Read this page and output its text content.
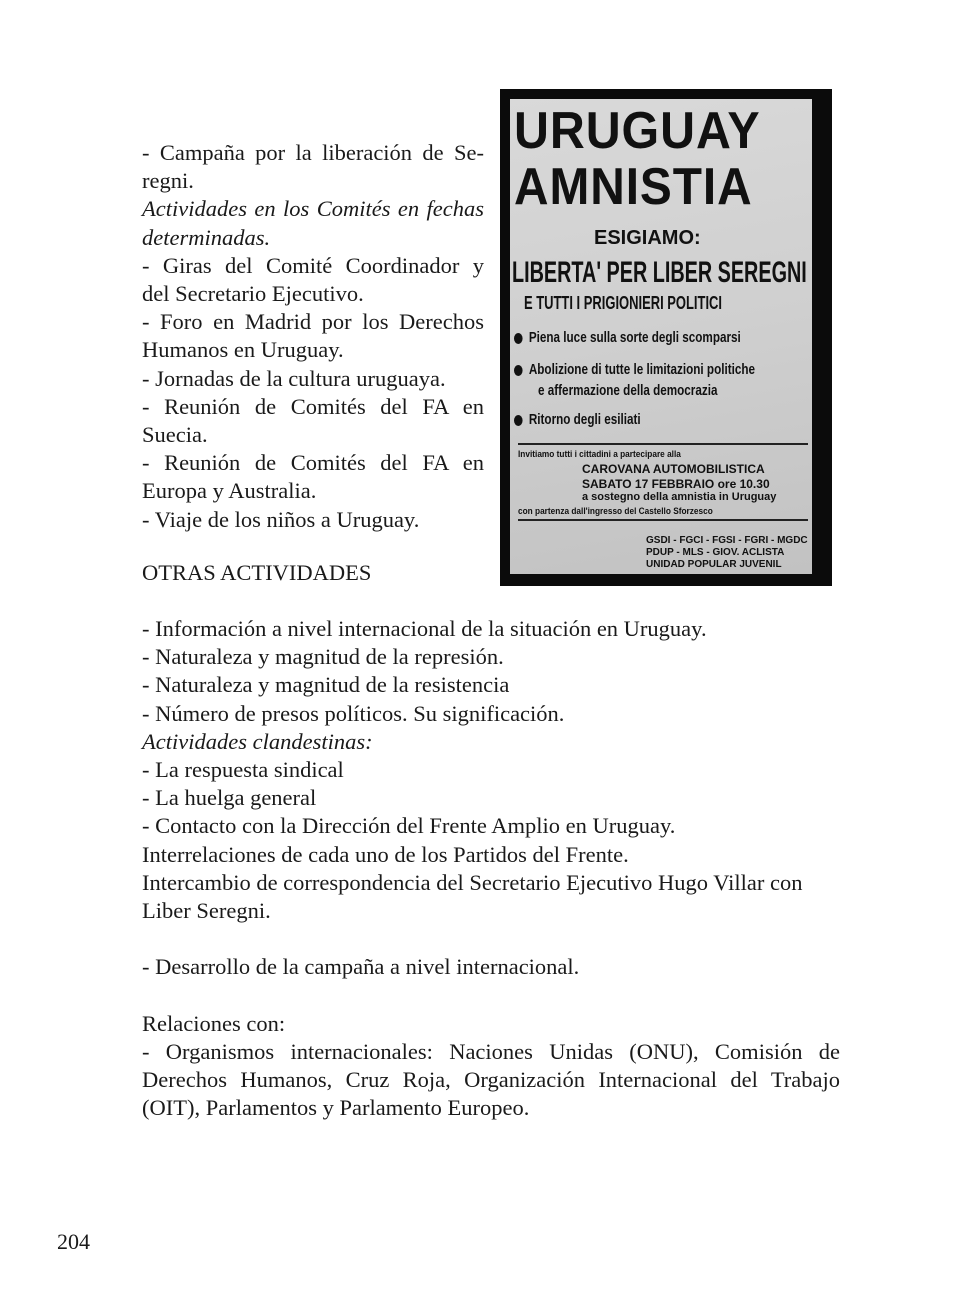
- Campaña por la liberación de Se-
regni.
Actividades en los Comités en fechas
determinadas.
- Giras del Comité Coordinador y
del Secretario Ejecutivo.
- Foro en Madrid por los Derechos
Humanos en Uruguay.
- Jornadas de la cultura uruguaya.
- Reunión de Comités del FA en
Suecia.
- Reunión de Comités del FA en
Europa y Australia.
- Viaje de los niños a Uruguay.
OTRAS ACTIVIDADES
URUGUAY
AMNISTIA
ESIGIAMO:
LIBERTA' PER LIBER SEREGNI
E TUTTI I PRIGIONIERI POLITICI
Piena luce sulla sorte degli scomparsi
Abolizione di tutte le limitazioni politiche
e affermazione della democrazia
Ritorno degli esiliati
Invitiamo tutti i cittadini a partecipare alla
CAROVANA AUTOMOBILISTICA
SABATO 17 FEBBRAIO ore 10.30
a sostegno della amnistia in Uruguay
con partenza dall'ingresso del Castello Sforzesco
GSDI - FGCI - FGSI - FGRI - MGDC
PDUP - MLS - GIOV. ACLISTA
UNIDAD POPULAR JUVENIL
- Información a nivel internacional de la situación en Uruguay.
- Naturaleza y magnitud de la represión.
- Naturaleza y magnitud de la resistencia
- Número de presos políticos. Su significación.
Actividades clandestinas:
- La respuesta sindical
- La huelga general
- Contacto con la Dirección del Frente Amplio en Uruguay.
Interrelaciones de cada uno de los Partidos del Frente.
Intercambio de correspondencia del Secretario Ejecutivo Hugo Villar con
Liber Seregni.

- Desarrollo de la campaña a nivel internacional.

Relaciones con:
- Organismos internacionales: Naciones Unidas (ONU), Comisión de
Derechos Humanos, Cruz Roja, Organización Internacional del Trabajo
(OIT), Parlamentos y Parlamento Europeo.
204
